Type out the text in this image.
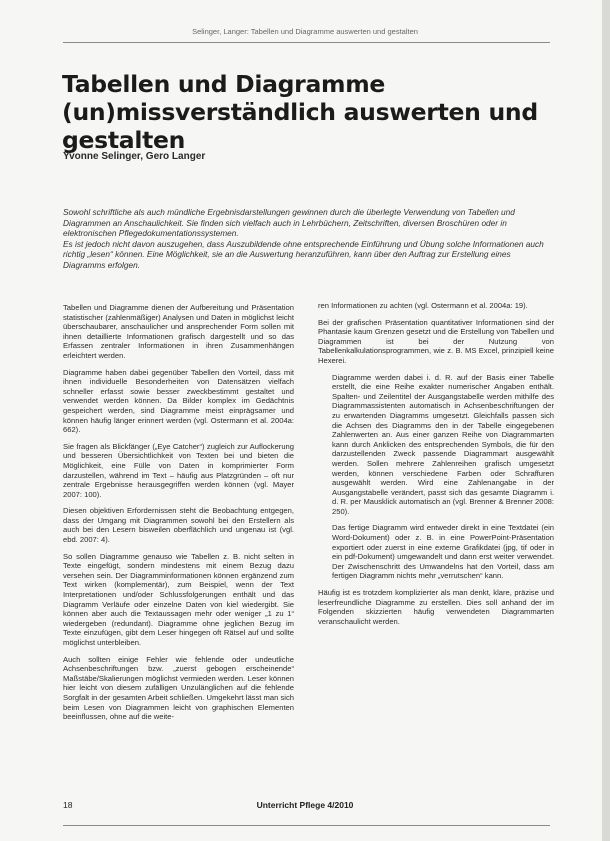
Selinger, Langer: Tabellen und Diagramme auswerten und gestalten
Tabellen und Diagramme
(un)missverständlich auswerten und gestalten
Yvonne Selinger, Gero Langer

Sowohl schriftliche als auch mündliche Ergebnisdarstellungen gewinnen durch die überlegte Verwendung von Tabellen und Diagrammen an Anschaulichkeit. Sie finden sich vielfach auch in Lehrbüchern, Zeitschriften, diversen Broschüren oder in elektronischen Pflegedokumentationssystemen.

Es ist jedoch nicht davon auszugehen, dass Auszubildende ohne entsprechende Einführung und Übung solche Informationen auch richtig „lesen“ können. Eine Möglichkeit, sie an die Auswertung heranzuführen, kann über den Auftrag zur Erstellung eines Diagramms erfolgen.

Tabellen und Diagramme dienen der Aufbereitung und Präsentation statistischer (zahlenmäßiger) Analysen und Daten in möglichst leicht überschaubarer, anschaulicher und ansprechender Form sollen mit ihnen detaillierte Informationen grafisch dargestellt und so das Erfassen zentraler Informationen in ihren Zusammenhängen erleichtert werden.

Diagramme haben dabei gegenüber Tabellen den Vorteil, dass mit ihnen individuelle Besonderheiten von Datensätzen vielfach schneller erfasst sowie besser zweckbestimmt gestaltet und verwendet werden können. Da Bilder komplex im Gedächtnis gespeichert werden, sind Diagramme meist einprägsamer und können häufig länger erinnert werden (vgl. Ostermann et al. 2004a: 662).

Sie fragen als Blickfänger („Eye Catcher“) zugleich zur Auflockerung und besseren Übersichtlichkeit von Texten bei und bieten die Möglichkeit, eine Fülle von Daten in komprimierter Form darzustellen, während im Text – häufig aus Platzgründen – oft nur zentrale Ergebnisse herausgegriffen werden können (vgl. Mayer 2007: 100).

Diesen objektiven Erfordernissen steht die Beobachtung entgegen, dass der Umgang mit Diagrammen sowohl bei den Erstellern als auch bei den Lesern bisweilen oberflächlich und ungenau ist (vgl. ebd. 2007: 4).

So sollen Diagramme genauso wie Tabellen z. B. nicht selten in Texte eingefügt, sondern mindestens mit einem Bezug dazu versehen sein. Der Diagramminformationen können ergänzend zum Text wirken (komplementär), zum Beispiel, wenn der Text Interpretationen und/oder Schlussfolgerungen enthält und das Diagramm Verläufe oder einzelne Daten von kiel wiedergibt. Sie können aber auch die Textaussagen mehr oder weniger „1 zu 1“ wiedergeben (redundant). Diagramme ohne jeglichen Bezug im Texte einzufügen, gibt dem Leser hingegen oft Rätsel auf und sollte möglichst unterbleiben.

Auch sollten einige Fehler wie fehlende oder undeutliche Achsenbeschriftungen bzw. „zuerst gebogen erscheinende“ Maßstäbe/Skalierungen möglichst vermieden werden. Leser können hier leicht von diesem zufälligen Unzulänglichen auf die fehlende Sorgfalt in der gesamten Arbeit schließen. Umgekehrt lässt man sich beim Lesen von Diagrammen leicht von graphischen Elementen beeinflussen, ohne auf die weite-

ren Informationen zu achten (vgl. Ostermann et al. 2004a: 19).

Bei der grafischen Präsentation quantitativer Informationen sind der Phantasie kaum Grenzen gesetzt und die Erstellung von Tabellen und Diagrammen ist bei der Nutzung von Tabellenkalkulationsprogrammen, wie z. B. MS Excel, prinzipiell keine Hexerei.

Diagramme werden dabei i. d. R. auf der Basis einer Tabelle erstellt, die eine Reihe exakter numerischer Angaben enthält. Spalten- und Zeilentitel der Ausgangstabelle werden mithilfe des Diagrammassistenten automatisch in Achsenbeschriftungen der zu erwartenden Diagramms umgesetzt. Gleichfalls passen sich die Achsen des Diagramms den in der Tabelle eingegebenen Zahlenwerten an. Aus einer ganzen Reihe von Diagrammarten kann durch Anklicken des entsprechenden Symbols, die für den darzustellenden Zweck passende Diagrammart ausgewählt werden. Sollen mehrere Zahlenreihen grafisch umgesetzt werden, können verschiedene Farben oder Schraffuren ausgewählt werden. Wird eine Zahlenangabe in der Ausgangstabelle verändert, passt sich das gesamte Diagramm i. d. R. per Mausklick automatisch an (vgl. Brenner & Brenner 2008: 250).

Das fertige Diagramm wird entweder direkt in eine Textdatei (ein Word-Dokument) oder z. B. in eine PowerPoint-Präsentation exportiert oder zuerst in eine externe Grafikdatei (jpg, tif oder in ein pdf-Dokument) umgewandelt und dann erst weiter verwendet. Der Zwischenschritt des Umwandelns hat den Vorteil, dass am fertigen Diagramm nichts mehr „verrutschen“ kann.

Häufig ist es trotzdem komplizierter als man denkt, klare, präzise und leserfreundliche Diagramme zu erstellen. Dies soll anhand der im Folgenden skizzierten häufig verwendeten Diagrammarten veranschaulicht werden.

18	Unterricht Pflege 4/2010
